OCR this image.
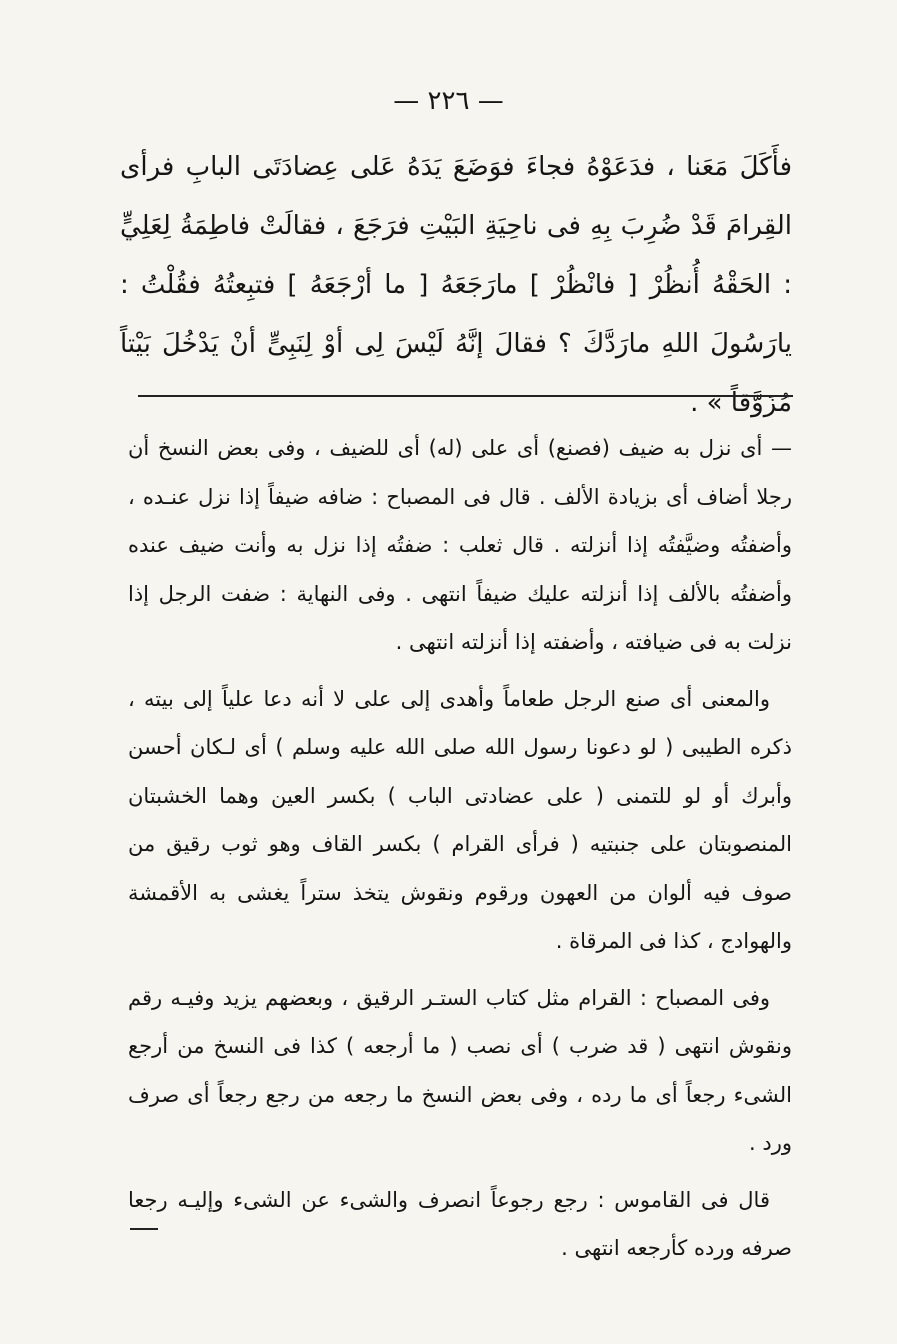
— ٢٢٦ —

فأَكَلَ مَعَنا ، فدَعَوْهُ فجاءَ فوَضَعَ يَدَهُ عَلى عِضادَتَى البابِ فرأى القِرامَ قَدْ ضُرِبَ بِهِ فى ناحِيَةِ البَيْتِ فرَجَعَ ، فقالَتْ فاطِمَةُ لِعَلِيٍّ : الحَقْهُ أُنظُرْ [ فانْظُرْ ] مارَجَعَهُ [ ما أرْجَعَهُ ] فتبِعتُهُ فقُلْتُ : يارَسُولَ اللهِ مارَدَّكَ ؟ فقالَ إنَّهُ لَيْسَ لِى أوْ لِنَبِىٍّ أنْ يَدْخُلَ بَيْتاً مُزَوَّقاً » .

— أى نزل به ضيف (فصنع) أى على (له) أى للضيف ، وفى بعض النسخ أن رجلا أضاف أى بزيادة الألف . قال فى المصباح : ضافه ضيفاً إذا نزل عنـده ، وأضفتُه وضيَّفتُه إذا أنزلته . قال ثعلب : ضفتُه إذا نزل به وأنت ضيف عنده وأضفتُه بالألف إذا أنزلته عليك ضيفاً انتهى . وفى النهاية : ضفت الرجل إذا نزلت به فى ضيافته ، وأضفته إذا أنزلته انتهى .

والمعنى أى صنع الرجل طعاماً وأهدى إلى على لا أنه دعا علياً إلى بيته ، ذكره الطيبى ( لو دعونا رسول الله صلى الله عليه وسلم ) أى لـكان أحسن وأبرك أو لو للتمنى ( على عضادتى الباب ) بكسر العين وهما الخشبتان المنصوبتان على جنبتيه ( فرأى القرام ) بكسر القاف وهو ثوب رقيق من صوف فيه ألوان من العهون ورقوم ونقوش يتخذ ستراً يغشى به الأقمشة والهوادج ، كذا فى المرقاة .

وفى المصباح : القرام مثل كتاب الستـر الرقيق ، وبعضهم يزيد وفيـه رقم ونقوش انتهى ( قد ضرب ) أى نصب ( ما أرجعه ) كذا فى النسخ من أرجع الشىء رجعاً أى ما رده ، وفى بعض النسخ ما رجعه من رجع رجعاً أى صرف ورد .

قال فى القاموس : رجع رجوعاً انصرف والشىء عن الشىء وإليـه رجعا صرفه ورده كأرجعه انتهى .
